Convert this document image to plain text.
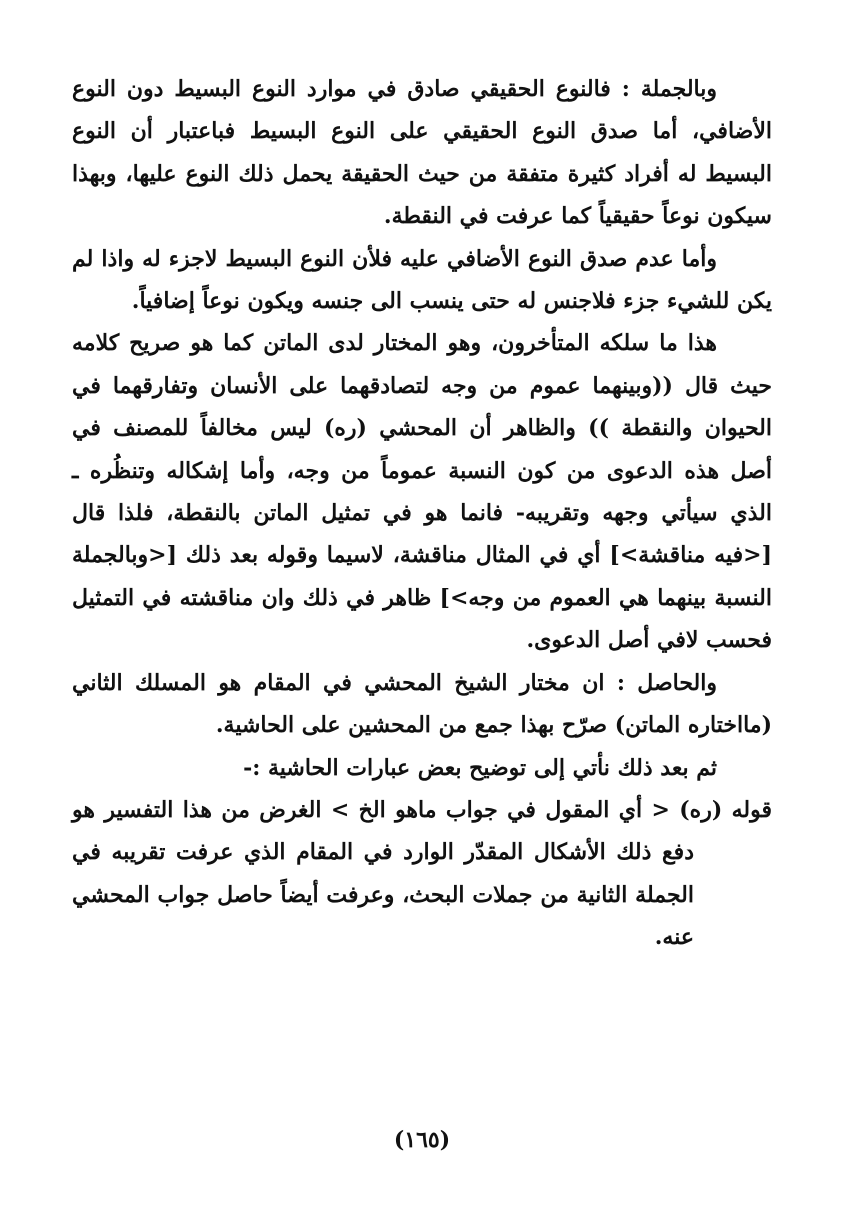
وبالجملة : فالنوع الحقيقي صادق في موارد النوع البسيط دون النوع الأضافي، أما صدق النوع الحقيقي على النوع البسيط فباعتبار أن النوع البسيط له أفراد كثيرة متفقة من حيث الحقيقة يحمل ذلك النوع عليها، وبهذا سيكون نوعاً حقيقياً كما عرفت في النقطة.

وأما عدم صدق النوع الأضافي عليه فلأن النوع البسيط لاجزء له واذا لم يكن للشيء جزء فلاجنس له حتى ينسب الى جنسه ويكون نوعاً إضافياً.

هذا ما سلكه المتأخرون، وهو المختار لدى الماتن كما هو صريح كلامه حيث قال ((وبينهما عموم من وجه لتصادقهما على الأنسان وتفارقهما في الحيوان والنقطة )) والظاهر أن المحشي (ره) ليس مخالفاً للمصنف في أصل هذه الدعوى من كون النسبة عموماً من وجه، وأما إشكاله وتنظُره ـ الذي سيأتي وجهه وتقريبه- فانما هو في تمثيل الماتن بالنقطة، فلذا قال [<فيه مناقشة>] أي في المثال مناقشة، لاسيما وقوله بعد ذلك [<وبالجملة النسبة بينهما هي العموم من وجه>] ظاهر في ذلك وان مناقشته في التمثيل فحسب لافي أصل الدعوى.

والحاصل : ان مختار الشيخ المحشي في المقام هو المسلك الثاني (مااختاره الماتن) صرّح بهذا جمع من المحشين على الحاشية.

ثم بعد ذلك نأتي إلى توضيح بعض عبارات الحاشية :-

قوله (ره) < أي المقول في جواب ماهو الخ > الغرض من هذا التفسير هو دفع ذلك الأشكال المقدّر الوارد في المقام الذي عرفت تقريبه في الجملة الثانية من جملات البحث، وعرفت أيضاً حاصل جواب المحشي عنه.

(١٦٥)
